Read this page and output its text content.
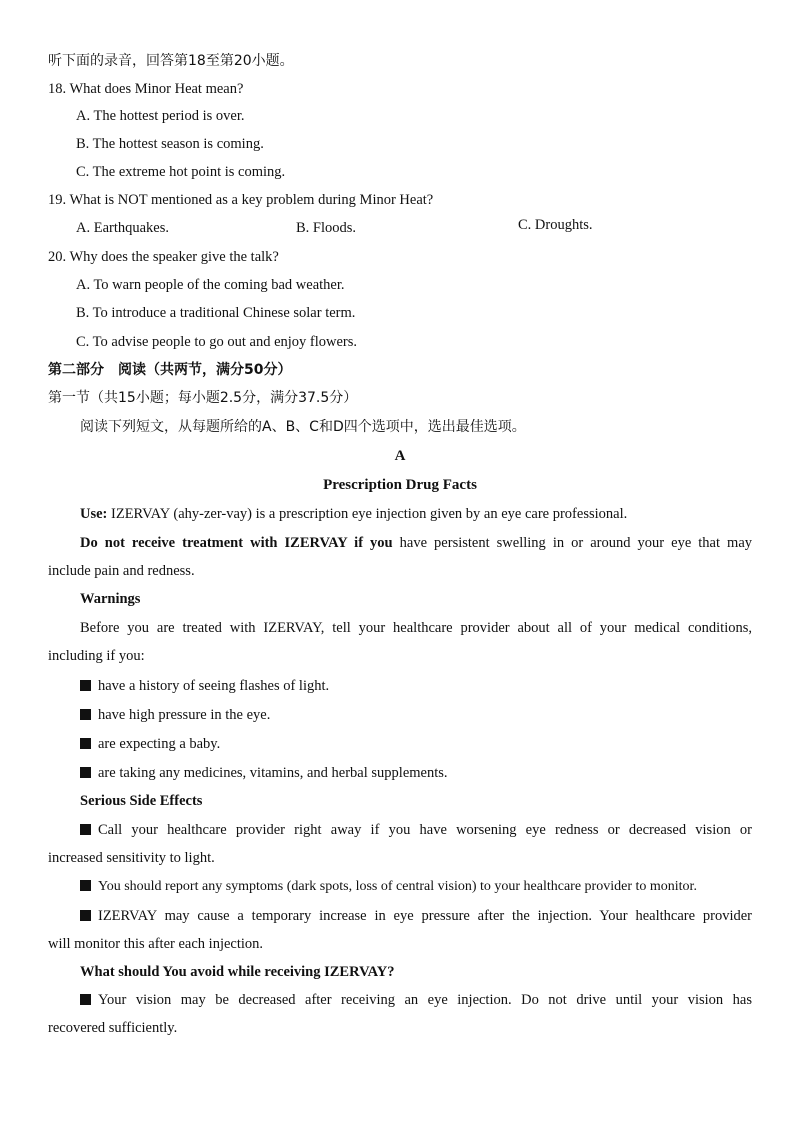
听下面的录音，回答第18至第20小题。
18. What does Minor Heat mean?
A. The hottest period is over.
B. The hottest season is coming.
C. The extreme hot point is coming.
19. What is NOT mentioned as a key problem during Minor Heat?
A. Earthquakes.	B. Floods.	C. Droughts.
20. Why does the speaker give the talk?
A. To warn people of the coming bad weather.
B. To introduce a traditional Chinese solar term.
C. To advise people to go out and enjoy flowers.
第二部分　阅读（共两节，满分50分）
第一节（共15小题；每小题2.5分，满分37.5分）
阅读下列短文，从每题所给的A、B、C和D四个选项中，选出最佳选项。
A
Prescription Drug Facts
Use: IZERVAY (ahy-zer-vay) is a prescription eye injection given by an eye care professional.
Do not receive treatment with IZERVAY if you have persistent swelling in or around your eye that may
include pain and redness.
Warnings
Before you are treated with IZERVAY, tell your healthcare provider about all of your medical conditions,
including if you:
have a history of seeing flashes of light.
have high pressure in the eye.
are expecting a baby.
are taking any medicines, vitamins, and herbal supplements.
Serious Side Effects
Call your healthcare provider right away if you have worsening eye redness or decreased vision or
increased sensitivity to light.
You should report any symptoms (dark spots, loss of central vision) to your healthcare provider to monitor.
IZERVAY may cause a temporary increase in eye pressure after the injection. Your healthcare provider
will monitor this after each injection.
What should You avoid while receiving IZERVAY?
Your vision may be decreased after receiving an eye injection. Do not drive until your vision has
recovered sufficiently.
